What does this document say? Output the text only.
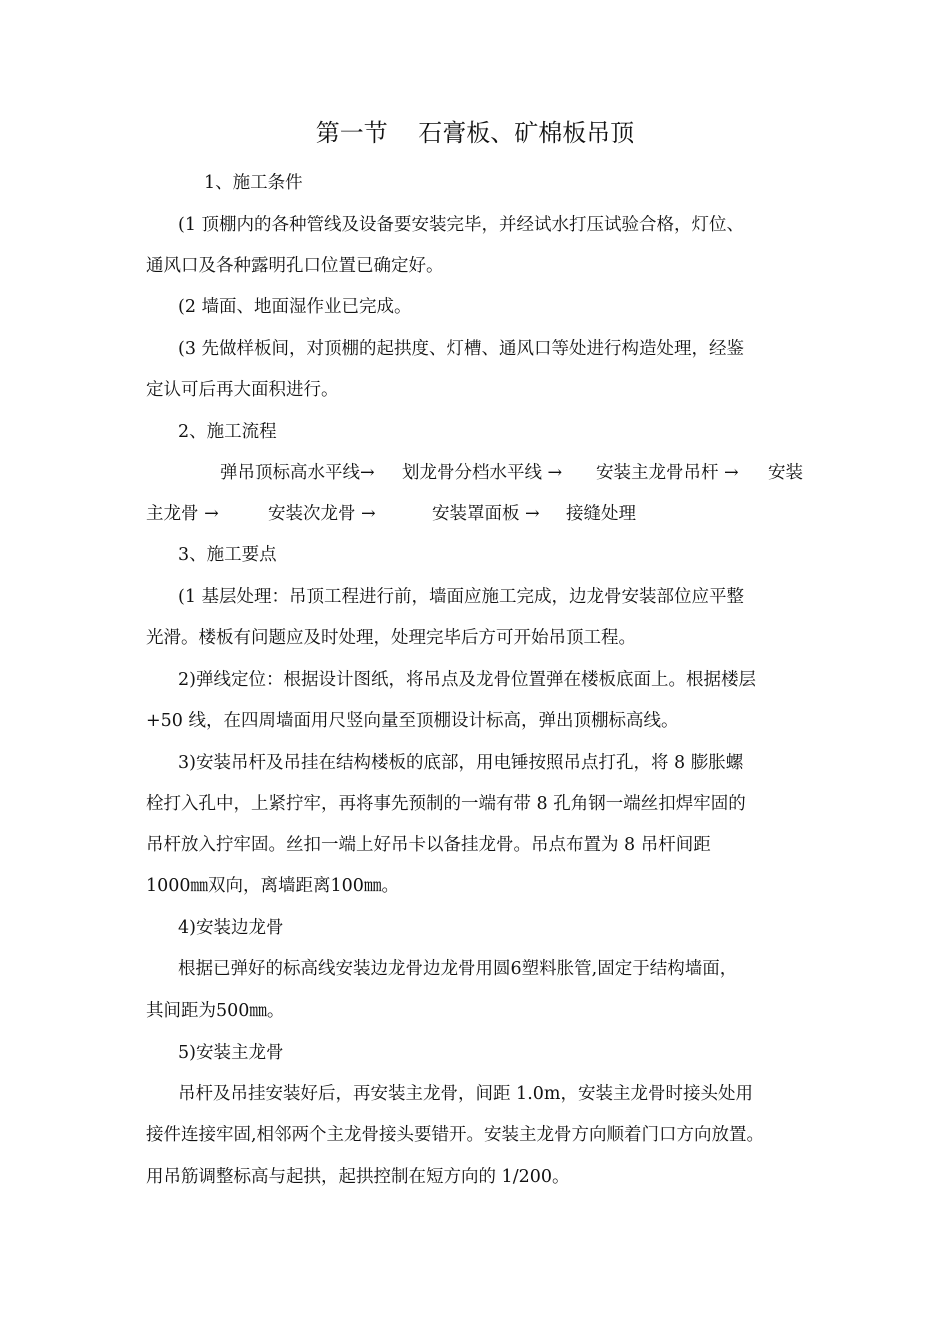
第一节    石膏板、矿棉板吊顶
1、施工条件
(1 顶棚内的各种管线及设备要安装完毕，并经试水打压试验合格，灯位、
通风口及各种露明孔口位置已确定好。
(2 墙面、地面湿作业已完成。
(3 先做样板间，对顶棚的起拱度、灯槽、通风口等处进行构造处理，经鉴
定认可后再大面积进行。
2、施工流程
弹吊顶标高水平线→ 划龙骨分档水平线 → 安装主龙骨吊杆 → 安装
主龙骨 →	安装次龙骨 →	安装罩面板 → 接缝处理
3、施工要点
(1 基层处理：吊顶工程进行前，墙面应施工完成，边龙骨安装部位应平整
光滑。楼板有问题应及时处理，处理完毕后方可开始吊顶工程。
2)弹线定位：根据设计图纸，将吊点及龙骨位置弹在楼板底面上。根据楼层
+50 线，在四周墙面用尺竖向量至顶棚设计标高，弹出顶棚标高线。
3)安装吊杆及吊挂在结构楼板的底部，用电锤按照吊点打孔，将 8 膨胀螺
栓打入孔中，上紧拧牢，再将事先预制的一端有带 8 孔角钢一端丝扣焊牢固的
吊杆放入拧牢固。丝扣一端上好吊卡以备挂龙骨。吊点布置为 8 吊杆间距
1000㎜双向，离墙距离100㎜。
4)安装边龙骨
根据已弹好的标高线安装边龙骨边龙骨用圆6塑料胀管,固定于结构墙面，
其间距为500㎜。
5)安装主龙骨
吊杆及吊挂安装好后，再安装主龙骨，间距 1.0m，安装主龙骨时接头处用
接件连接牢固,相邻两个主龙骨接头要错开。安装主龙骨方向顺着门口方向放置。
用吊筋调整标高与起拱，起拱控制在短方向的 1/200。
